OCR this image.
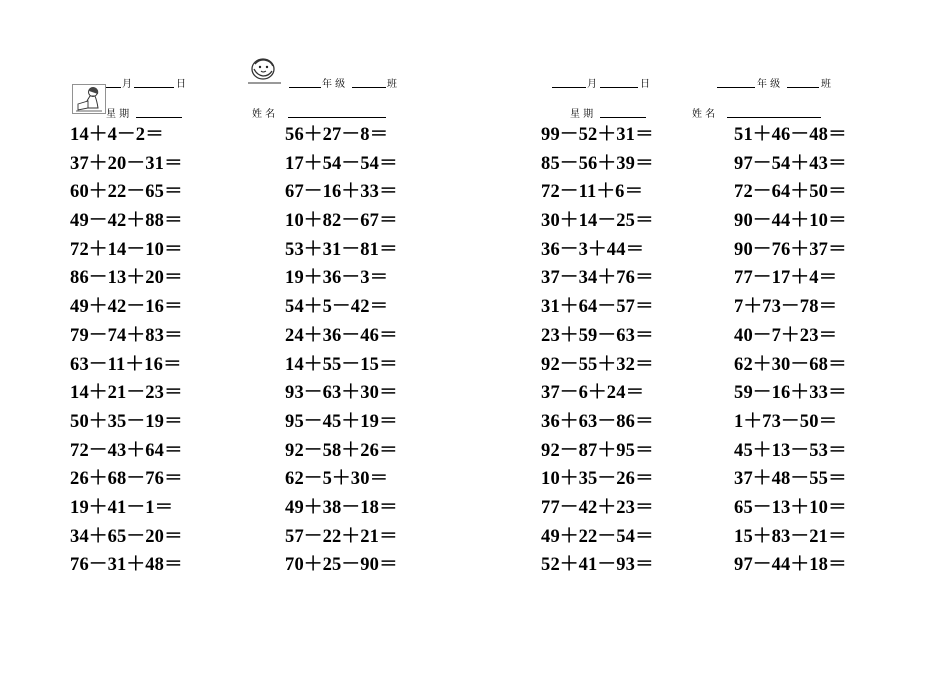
月	日
星 期
年 级	班
姓 名
月	日
星 期
年 级	班
姓 名
14＋4－2＝
37＋20－31＝
60＋22－65＝
49－42＋88＝
72＋14－10＝
86－13＋20＝
49＋42－16＝
79－74＋83＝
63－11＋16＝
14＋21－23＝
50＋35－19＝
72－43＋64＝
26＋68－76＝
19＋41－1＝
34＋65－20＝
76－31＋48＝
56＋27－8＝
17＋54－54＝
67－16＋33＝
10＋82－67＝
53＋31－81＝
19＋36－3＝
54＋5－42＝
24＋36－46＝
14＋55－15＝
93－63＋30＝
95－45＋19＝
92－58＋26＝
62－5＋30＝
49＋38－18＝
57－22＋21＝
70＋25－90＝
99－52＋31＝
85－56＋39＝
72－11＋6＝
30＋14－25＝
36－3＋44＝
37－34＋76＝
31＋64－57＝
23＋59－63＝
92－55＋32＝
37－6＋24＝
36＋63－86＝
92－87＋95＝
10＋35－26＝
77－42＋23＝
49＋22－54＝
52＋41－93＝
51＋46－48＝
97－54＋43＝
72－64＋50＝
90－44＋10＝
90－76＋37＝
77－17＋4＝
7＋73－78＝
40－7＋23＝
62＋30－68＝
59－16＋33＝
1＋73－50＝
45＋13－53＝
37＋48－55＝
65－13＋10＝
15＋83－21＝
97－44＋18＝
